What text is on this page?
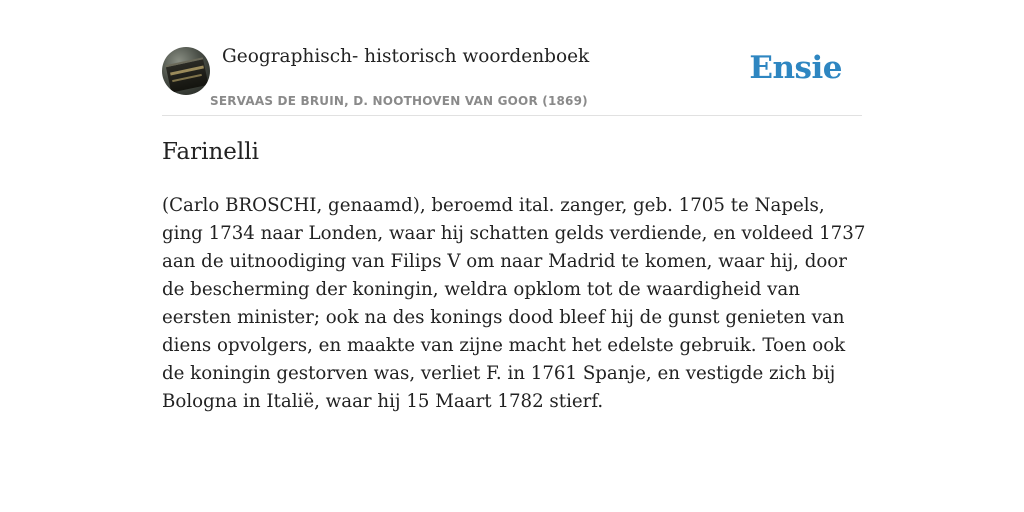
Geographisch- historisch woordenboek
SERVAAS DE BRUIN, D. NOOTHOVEN VAN GOOR (1869)
Ensie
Farinelli

(Carlo BROSCHI, genaamd), beroemd ital. zanger, geb. 1705 te Napels, ging 1734 naar Londen, waar hij schatten gelds verdiende, en voldeed 1737 aan de uitnoodiging van Filips V om naar Madrid te komen, waar hij, door de bescherming der koningin, weldra opklom tot de waardigheid van eersten minister; ook na des konings dood bleef hij de gunst genieten van diens opvolgers, en maakte van zijne macht het edelste gebruik. Toen ook de koningin gestorven was, verliet F. in 1761 Spanje, en vestigde zich bij Bologna in Italië, waar hij 15 Maart 1782 stierf.
